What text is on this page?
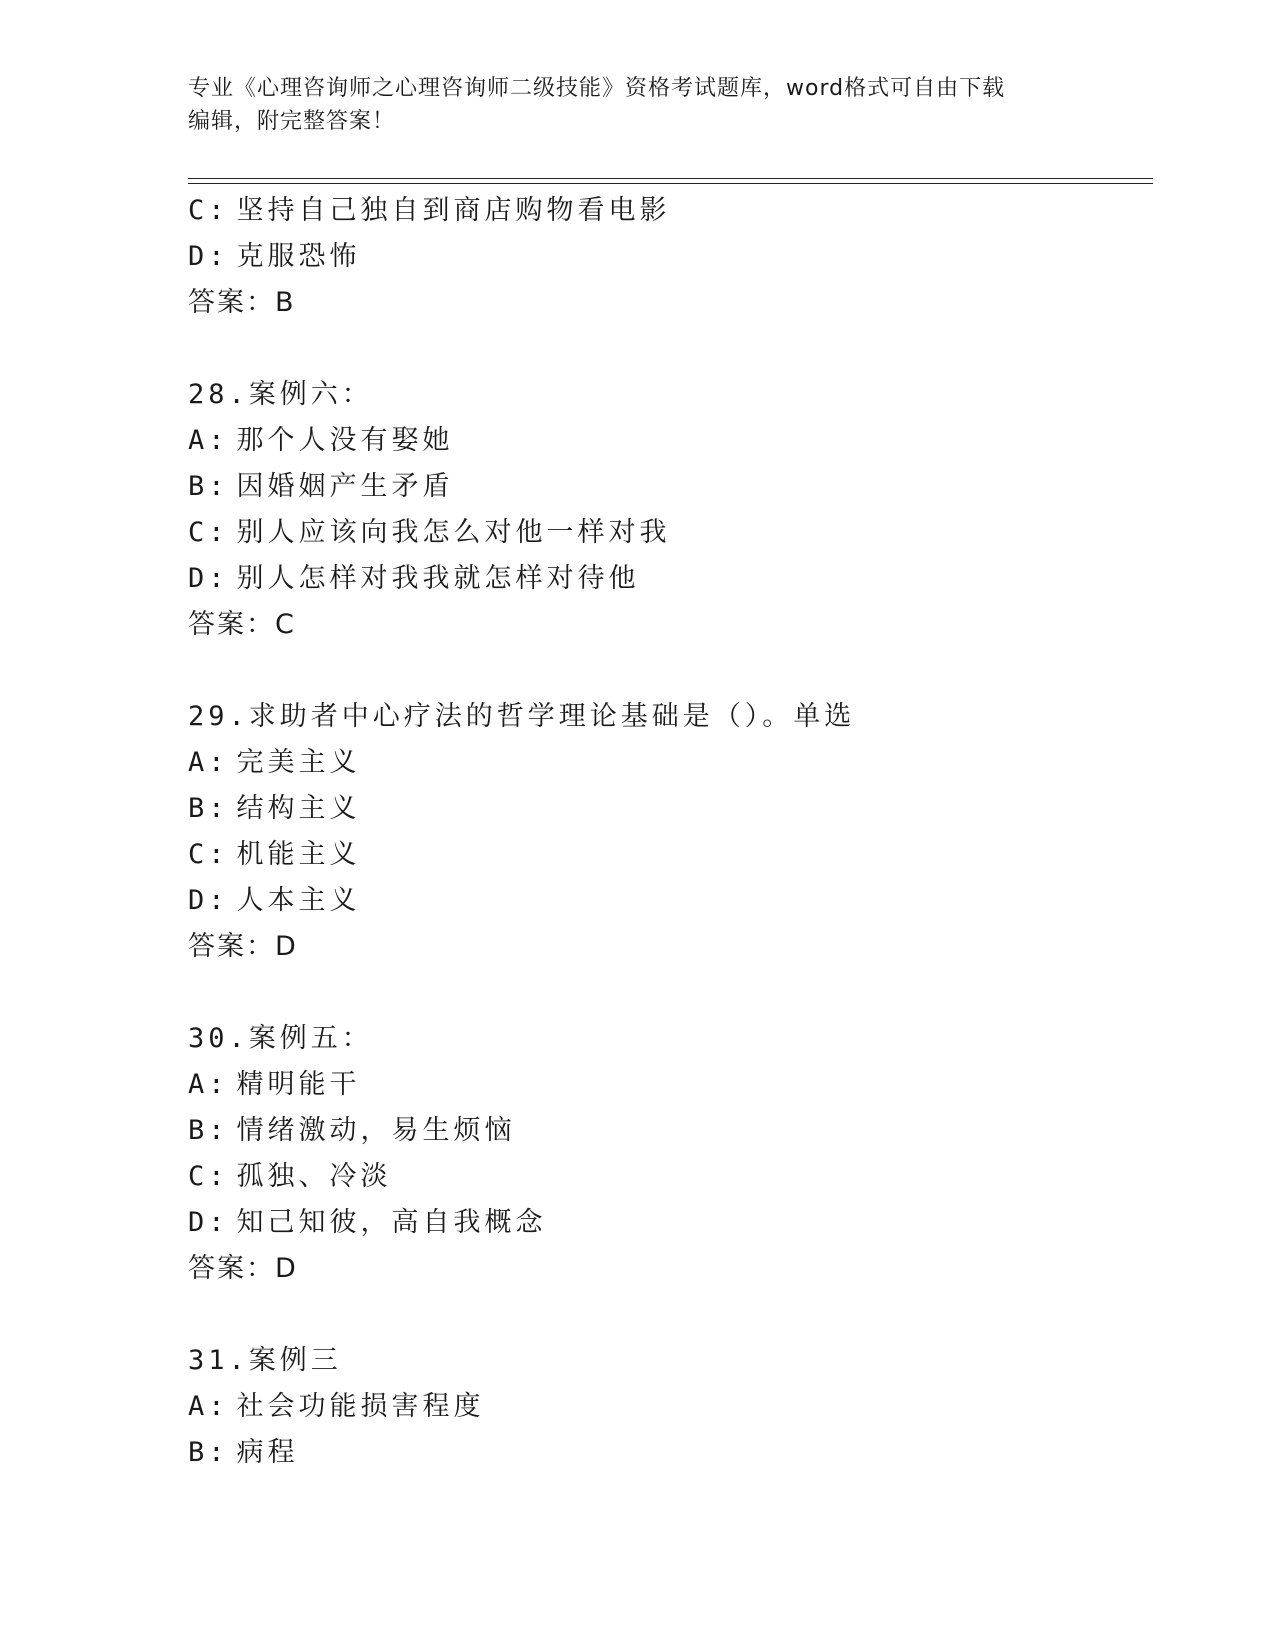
专业《心理咨询师之心理咨询师二级技能》资格考试题库，word格式可自由下载
编辑，附完整答案！
C: 坚持自己独自到商店购物看电影
D: 克服恐怖
答案：B
28.案例六：
A: 那个人没有娶她
B: 因婚姻产生矛盾
C: 别人应该向我怎么对他一样对我
D: 别人怎样对我我就怎样对待他
答案：C
29.求助者中心疗法的哲学理论基础是（）。单选
A: 完美主义
B: 结构主义
C: 机能主义
D: 人本主义
答案：D
30.案例五：
A: 精明能干
B: 情绪激动，易生烦恼
C: 孤独、冷淡
D: 知己知彼，高自我概念
答案：D
31.案例三
A: 社会功能损害程度
B: 病程
